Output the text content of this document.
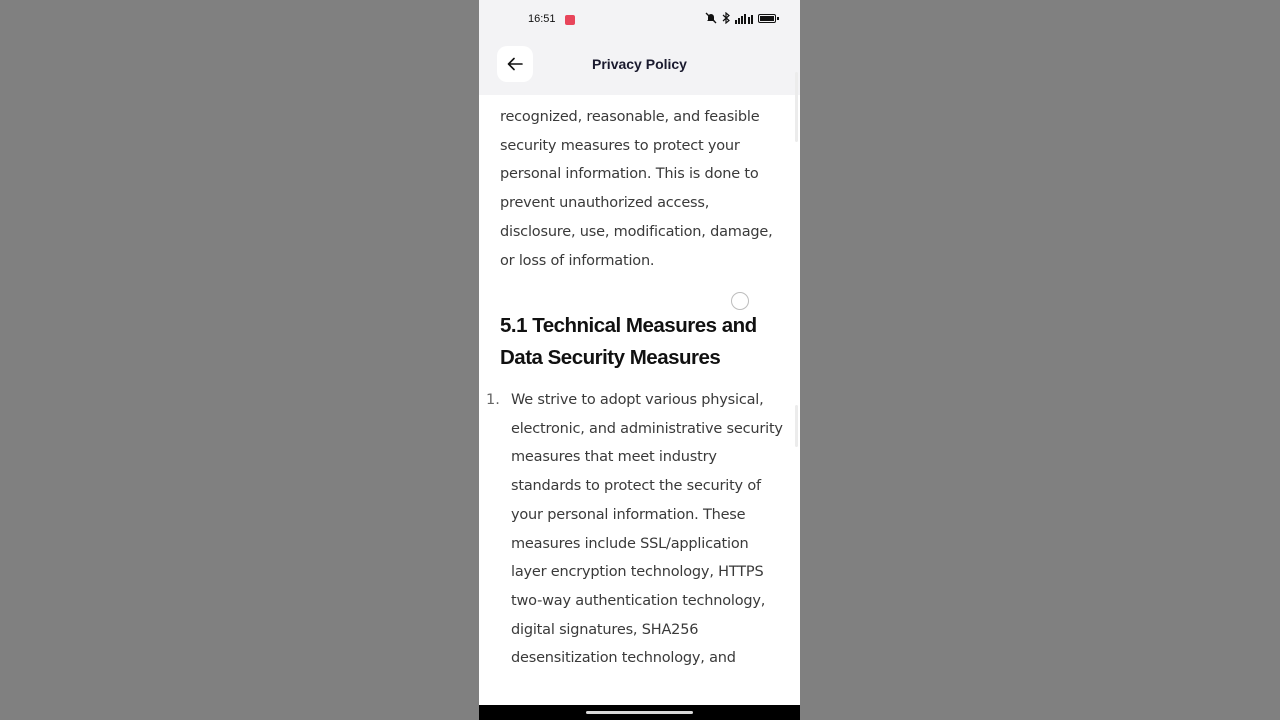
16:51
Privacy Policy

recognized, reasonable, and feasible security measures to protect your personal information. This is done to prevent unauthorized access, disclosure, use, modification, damage, or loss of information.

5.1 Technical Measures and Data Security Measures
1. We strive to adopt various physical, electronic, and administrative security measures that meet industry standards to protect the security of your personal information. These measures include SSL/application layer encryption technology, HTTPS two-way authentication technology, digital signatures, SHA256 desensitization technology, and
